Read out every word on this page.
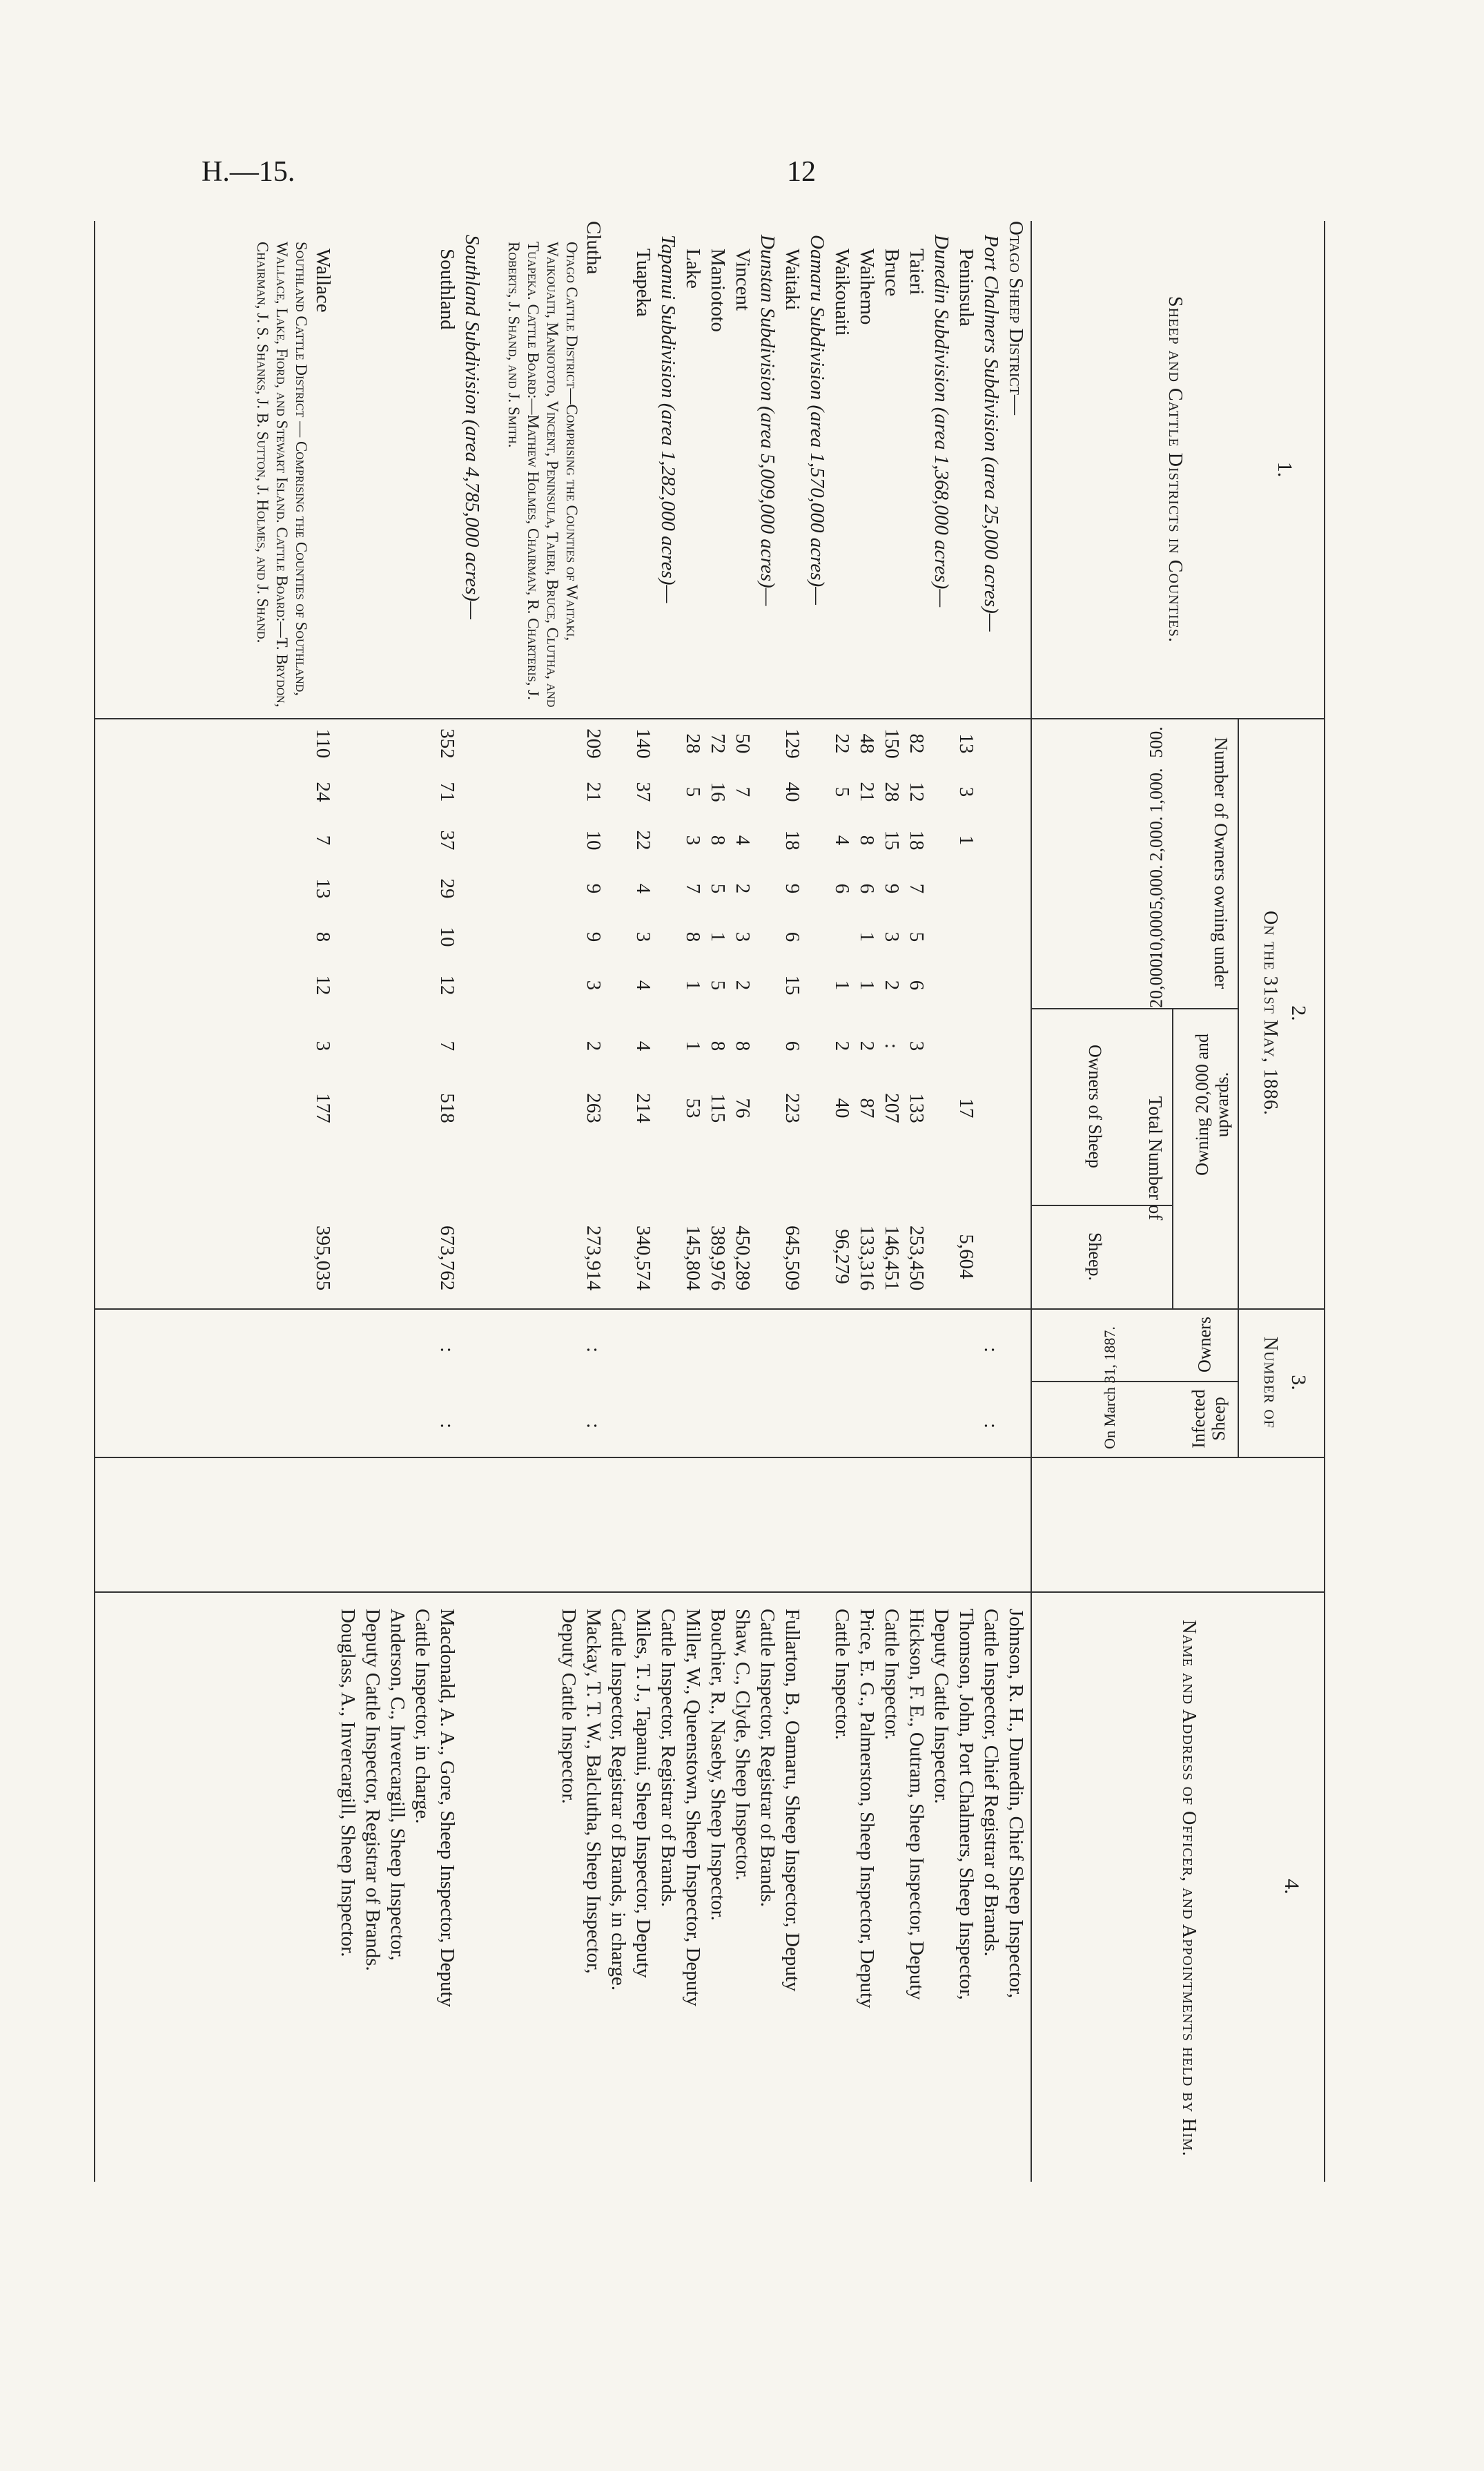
H.—15.	12
1.
Sheep and Cattle Districts in Counties.
2.
On the 31st May, 1886.
Number of Owners owning under
500.
1,000.
2,000.
5,000.
10,000.
20,000.
Owning 20,000 and upwards.
Total Number of
Owners of Sheep
Sheep.
3.
Number of
Owners
Infected Sheep
On March 31, 1887.
4.
Name and Address of Officer, and Appointments held by Him.
Otago Sheep District—
Johnson, R. H., Dunedin, Chief Sheep Inspector,
Port Chalmers Subdivision (area 25,000 acres)—
:
:
Cattle Inspector, Chief Registrar of Brands.
Peninsula
13
3
1
17
5,604
Thomson, John, Port Chalmers, Sheep Inspector,
Dunedin Subdivision (area 1,368,000 acres)—
Deputy Cattle Inspector.
Taieri
82
12
18
7
5
6
3
133
253,450
Hickson, F. E., Outram, Sheep Inspector, Deputy
Bruce
150
28
15
9
3
2
:
207
146,451
Cattle Inspector.
Waihemo
48
21
8
6
1
1
2
87
133,316
Price, E. G., Palmerston, Sheep Inspector, Deputy
Waikouaiti
22
5
4
6
1
2
40
96,279
Cattle Inspector.
Oamaru Subdivision (area 1,570,000 acres)—
Waitaki
129
40
18
9
6
15
6
223
645,509
Fullarton, B., Oamaru, Sheep Inspector, Deputy
Dunstan Subdivision (area 5,009,000 acres)—
Cattle Inspector, Registrar of Brands.
Vincent
50
7
4
2
3
2
8
76
450,289
Shaw, C., Clyde, Sheep Inspector.
Maniototo
72
16
8
5
1
5
8
115
389,976
Bouchier, R., Naseby, Sheep Inspector.
Lake
28
5
3
7
8
1
1
53
145,804
Miller, W., Queenstown, Sheep Inspector, Deputy
Tapanui Subdivision (area 1,282,000 acres)—
Cattle Inspector, Registrar of Brands.
Tuapeka
140
37
22
4
3
4
4
214
340,574
Miles, T. J., Tapanui, Sheep Inspector, Deputy
Cattle Inspector, Registrar of Brands, in charge.
Clutha
209
21
10
9
9
3
2
263
273,914
:
:
Mackay, T. T. W., Balclutha, Sheep Inspector,
Otago Cattle District—Comprising the Counties of Waitaki, Waikouaiti, Maniototo, Vincent, Peninsula, Taieri, Bruce, Clutha, and Tuapeka. Cattle Board:—Mathew Holmes, Chairman, R. Charteris, J. Roberts, J. Shand, and J. Smith.
Deputy Cattle Inspector.
Southland Subdivision (area 4,785,000 acres)—
Southland
352
71
37
29
10
12
7
518
673,762
:
:
Macdonald, A. A., Gore, Sheep Inspector, Deputy
Cattle Inspector, in charge.
Anderson, C., Invercargill, Sheep Inspector,
Deputy Cattle Inspector, Registrar of Brands.
Douglass, A., Invercargill, Sheep Inspector.
Wallace
110
24
7
13
8
12
3
177
395,035
Southland Cattle District — Comprising the Counties of Southland, Wallace, Lake, Fiord, and Stewart Island. Cattle Board:—T. Brydon, Chairman, J. S. Shanks, J. B. Sutton, J. Holmes, and J. Shand.
